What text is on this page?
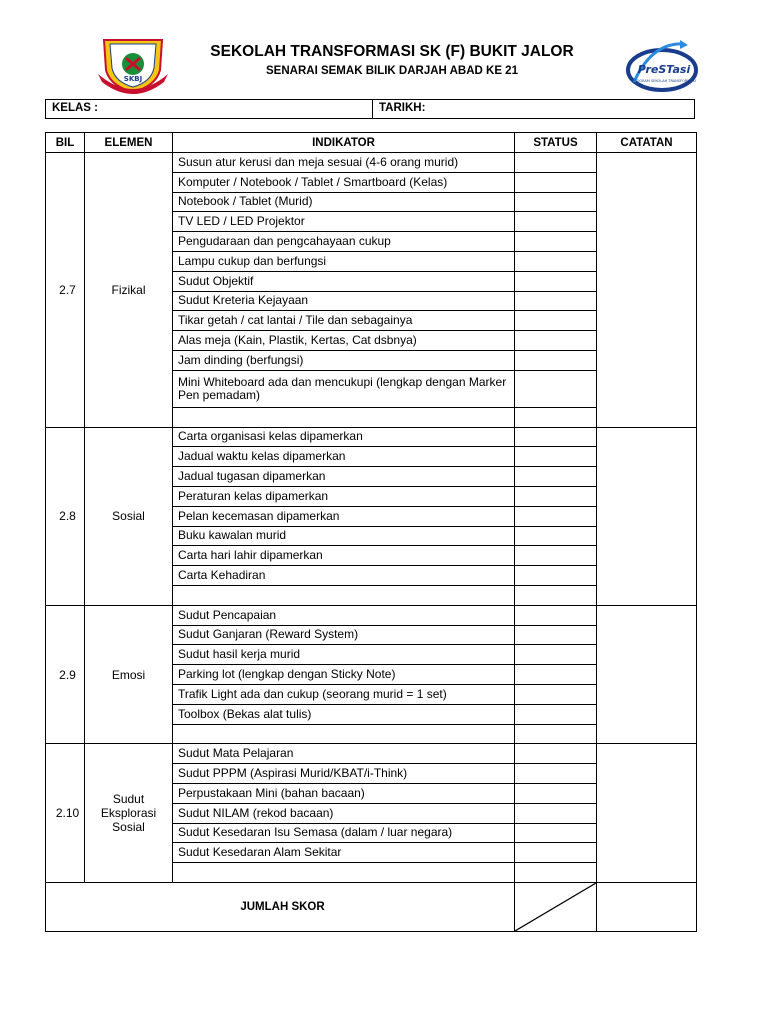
SKBJ
SEKOLAH TRANSFORMASI SK (F) BUKIT JALOR
SENARAI SEMAK BILIK DARJAH ABAD KE 21	PreSTasi
PROGRAM SEKOLAH TRANSFORMASI
KELAS :	TARIKH:
BIL	ELEMEN	INDIKATOR	STATUS	CATATAN
2.7	Fizikal	Susun atur kerusi dan meja sesuai (4-6 orang murid)		
		Komputer / Notebook / Tablet / Smartboard (Kelas)		
		Notebook / Tablet (Murid)		
		TV LED / LED Projektor		
		Pengudaraan dan pengcahayaan cukup		
		Lampu cukup dan berfungsi		
		Sudut Objektif		
		Sudut Kreteria Kejayaan		
		Tikar getah / cat lantai / Tile dan sebagainya		
		Alas meja (Kain, Plastik, Kertas, Cat dsbnya)		
		Jam dinding (berfungsi)		
		Mini Whiteboard ada dan mencukupi (lengkap dengan Marker Pen pemadam)		

2.8	Sosial	Carta organisasi kelas dipamerkan		
		Jadual waktu kelas dipamerkan		
		Jadual tugasan dipamerkan		
		Peraturan kelas dipamerkan		
		Pelan kecemasan dipamerkan		
		Buku kawalan murid		
		Carta hari lahir dipamerkan		
		Carta Kehadiran		

2.9	Emosi	Sudut Pencapaian		
		Sudut Ganjaran (Reward System)		
		Sudut hasil kerja murid		
		Parking lot (lengkap dengan Sticky Note)		
		Trafik Light ada dan cukup (seorang murid = 1 set)		
		Toolbox (Bekas alat tulis)		

2.10	Sudut Eksplorasi Sosial	Sudut Mata Pelajaran		
		Sudut PPPM (Aspirasi Murid/KBAT/i-Think)		
		Perpustakaan Mini (bahan bacaan)		
		Sudut NILAM (rekod bacaan)		
		Sudut Kesedaran Isu Semasa (dalam / luar negara)		
		Sudut Kesedaran Alam Sekitar		

JUMLAH SKOR	
